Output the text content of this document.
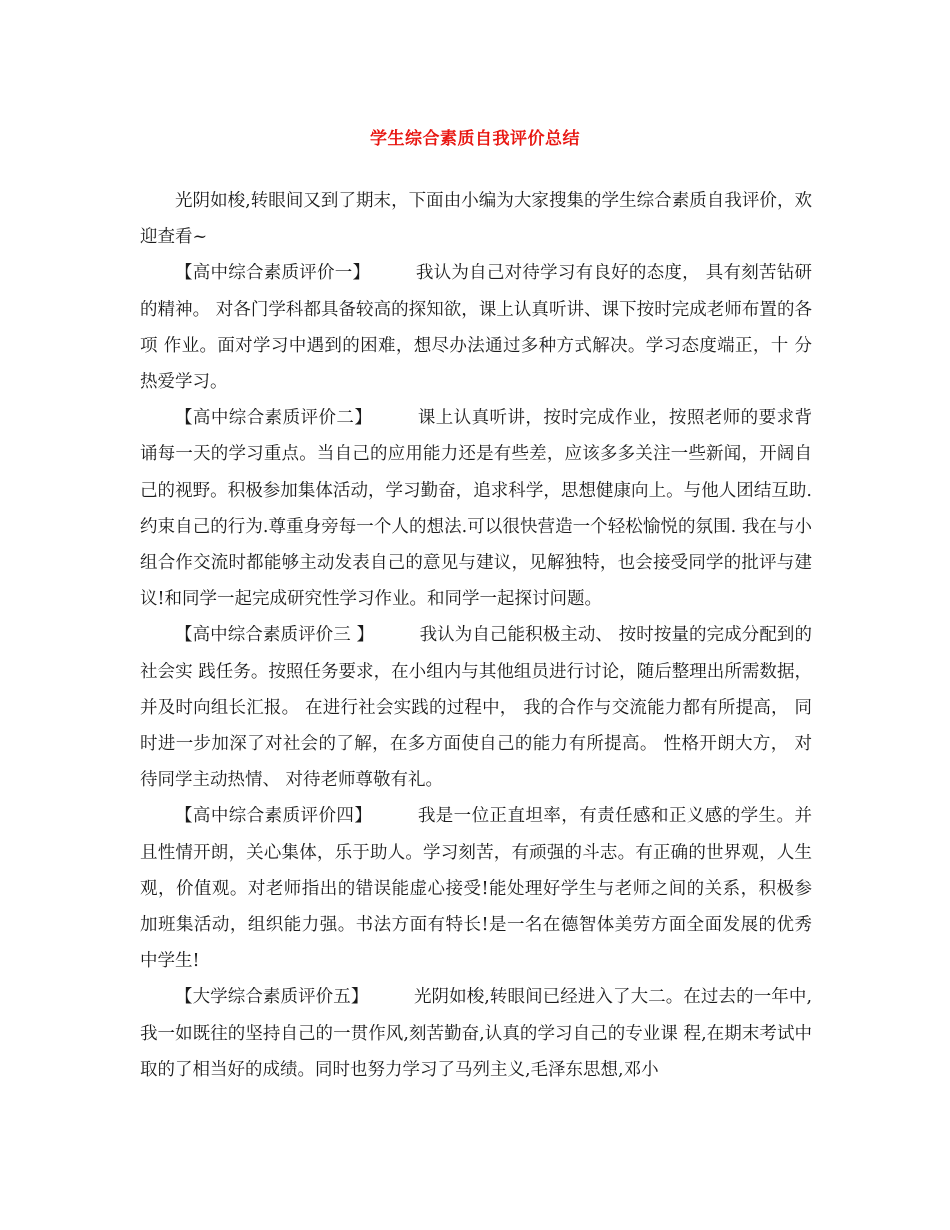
学生综合素质自我评价总结

光阴如梭,转眼间又到了期末，下面由小编为大家搜集的学生综合素质自我评价，欢迎查看~

【高中综合素质评价一】	我认为自己对待学习有良好的态度， 具有刻苦钻研的精神。 对各门学科都具备较高的探知欲，课上认真听讲、课下按时完成老师布置的各项 作业。面对学习中遇到的困难，想尽办法通过多种方式解决。学习态度端正，十 分热爱学习。

【高中综合素质评价二】	课上认真听讲，按时完成作业，按照老师的要求背诵每一天的学习重点。当自己的应用能力还是有些差，应该多多关注一些新闻，开阔自己的视野。积极参加集体活动，学习勤奋，追求科学，思想健康向上。与他人团结互助.约束自己的行为.尊重身旁每一个人的想法.可以很快营造一个轻松愉悦的氛围. 我在与小组合作交流时都能够主动发表自己的意见与建议，见解独特，也会接受同学的批评与建议!和同学一起完成研究性学习作业。和同学一起探讨问题。

【高中综合素质评价三 】	我认为自己能积极主动、 按时按量的完成分配到的社会实 践任务。按照任务要求，在小组内与其他组员进行讨论，随后整理出所需数据， 并及时向组长汇报。 在进行社会实践的过程中， 我的合作与交流能力都有所提高， 同时进一步加深了对社会的了解，在多方面使自己的能力有所提高。 性格开朗大方， 对待同学主动热情、 对待老师尊敬有礼。

【高中综合素质评价四】	我是一位正直坦率，有责任感和正义感的学生。并且性情开朗，关心集体，乐于助人。学习刻苦，有顽强的斗志。有正确的世界观，人生观，价值观。对老师指出的错误能虚心接受!能处理好学生与老师之间的关系，积极参加班集活动，组织能力强。书法方面有特长!是一名在德智体美劳方面全面发展的优秀中学生!

【大学综合素质评价五】	光阴如梭,转眼间已经进入了大二。在过去的一年中,我一如既往的坚持自己的一贯作风,刻苦勤奋,认真的学习自己的专业课 程,在期末考试中取的了相当好的成绩。同时也努力学习了马列主义,毛泽东思想,邓小
